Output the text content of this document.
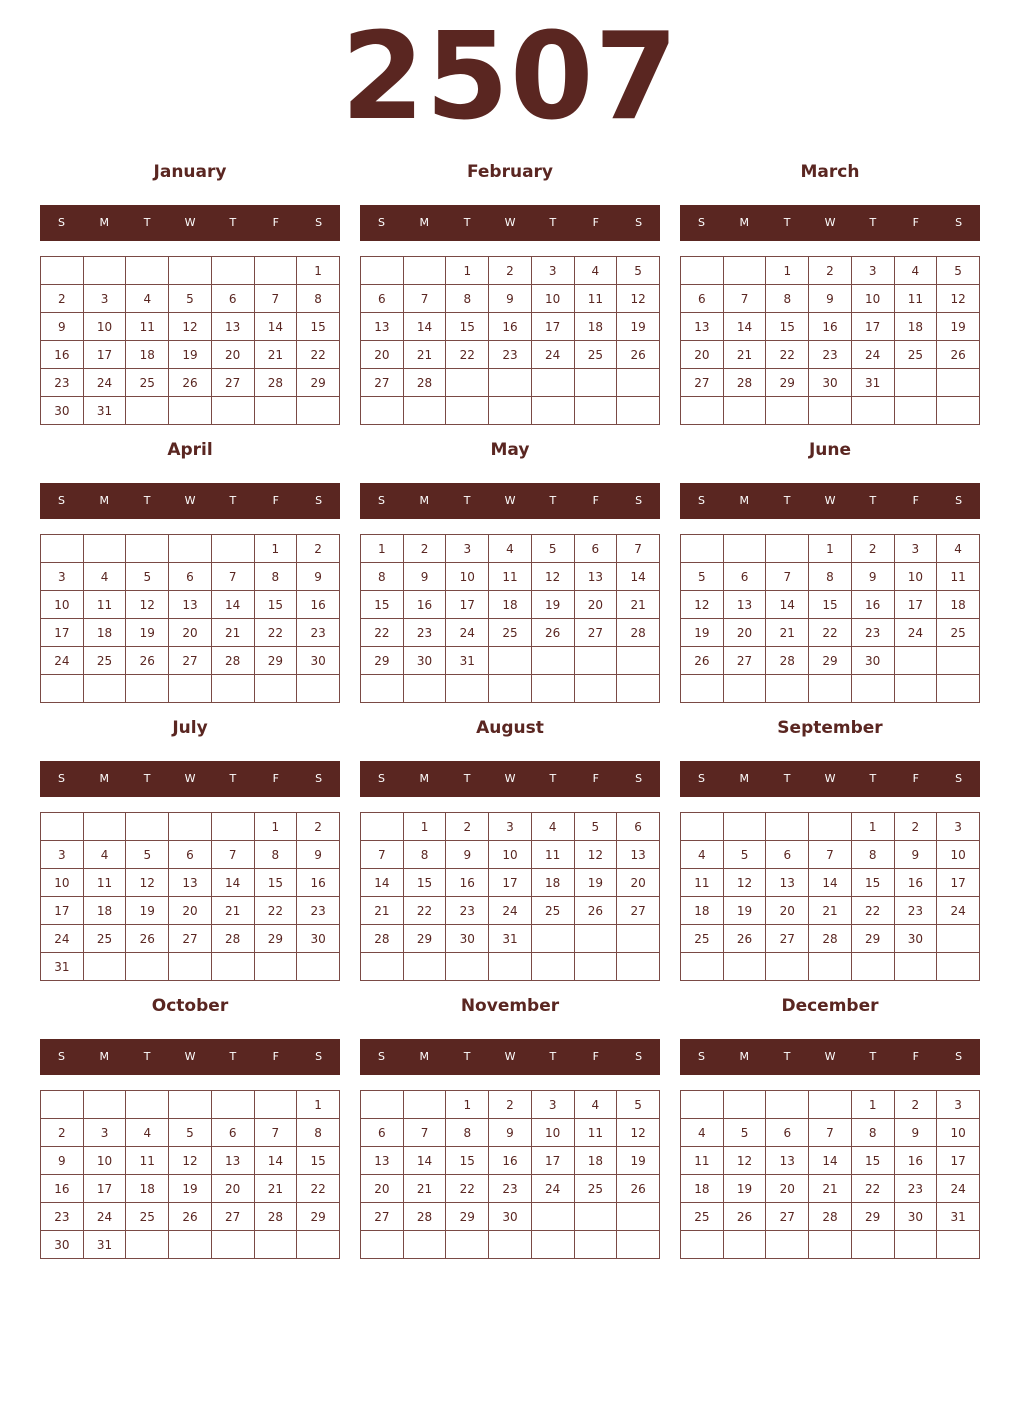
2507
January
S	M	T	W	T	F	S
						1
2	3	4	5	6	7	8
9	10	11	12	13	14	15
16	17	18	19	20	21	22
23	24	25	26	27	28	29
30	31					
February
S	M	T	W	T	F	S
		1	2	3	4	5
6	7	8	9	10	11	12
13	14	15	16	17	18	19
20	21	22	23	24	25	26
27	28					

March
S	M	T	W	T	F	S
		1	2	3	4	5
6	7	8	9	10	11	12
13	14	15	16	17	18	19
20	21	22	23	24	25	26
27	28	29	30	31		

April
S	M	T	W	T	F	S
					1	2
3	4	5	6	7	8	9
10	11	12	13	14	15	16
17	18	19	20	21	22	23
24	25	26	27	28	29	30

May
S	M	T	W	T	F	S
1	2	3	4	5	6	7
8	9	10	11	12	13	14
15	16	17	18	19	20	21
22	23	24	25	26	27	28
29	30	31				

June
S	M	T	W	T	F	S
			1	2	3	4
5	6	7	8	9	10	11
12	13	14	15	16	17	18
19	20	21	22	23	24	25
26	27	28	29	30		

July
S	M	T	W	T	F	S
					1	2
3	4	5	6	7	8	9
10	11	12	13	14	15	16
17	18	19	20	21	22	23
24	25	26	27	28	29	30
31						
August
S	M	T	W	T	F	S
	1	2	3	4	5	6
7	8	9	10	11	12	13
14	15	16	17	18	19	20
21	22	23	24	25	26	27
28	29	30	31			

September
S	M	T	W	T	F	S
				1	2	3
4	5	6	7	8	9	10
11	12	13	14	15	16	17
18	19	20	21	22	23	24
25	26	27	28	29	30	

October
S	M	T	W	T	F	S
						1
2	3	4	5	6	7	8
9	10	11	12	13	14	15
16	17	18	19	20	21	22
23	24	25	26	27	28	29
30	31					
November
S	M	T	W	T	F	S
		1	2	3	4	5
6	7	8	9	10	11	12
13	14	15	16	17	18	19
20	21	22	23	24	25	26
27	28	29	30			

December
S	M	T	W	T	F	S
				1	2	3
4	5	6	7	8	9	10
11	12	13	14	15	16	17
18	19	20	21	22	23	24
25	26	27	28	29	30	31
